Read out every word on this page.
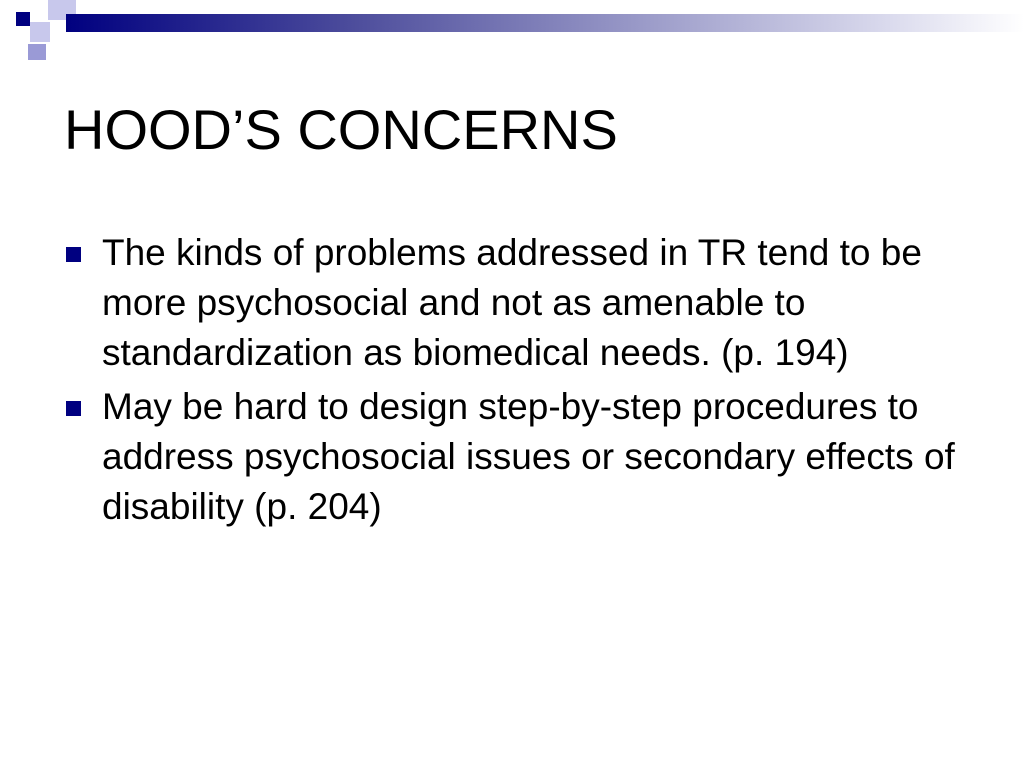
HOOD’S CONCERNS
The kinds of problems addressed in TR tend to be more psychosocial and not as amenable to standardization as biomedical needs. (p. 194)
May be hard to design step-by-step procedures to address psychosocial issues or secondary effects of disability (p. 204)
